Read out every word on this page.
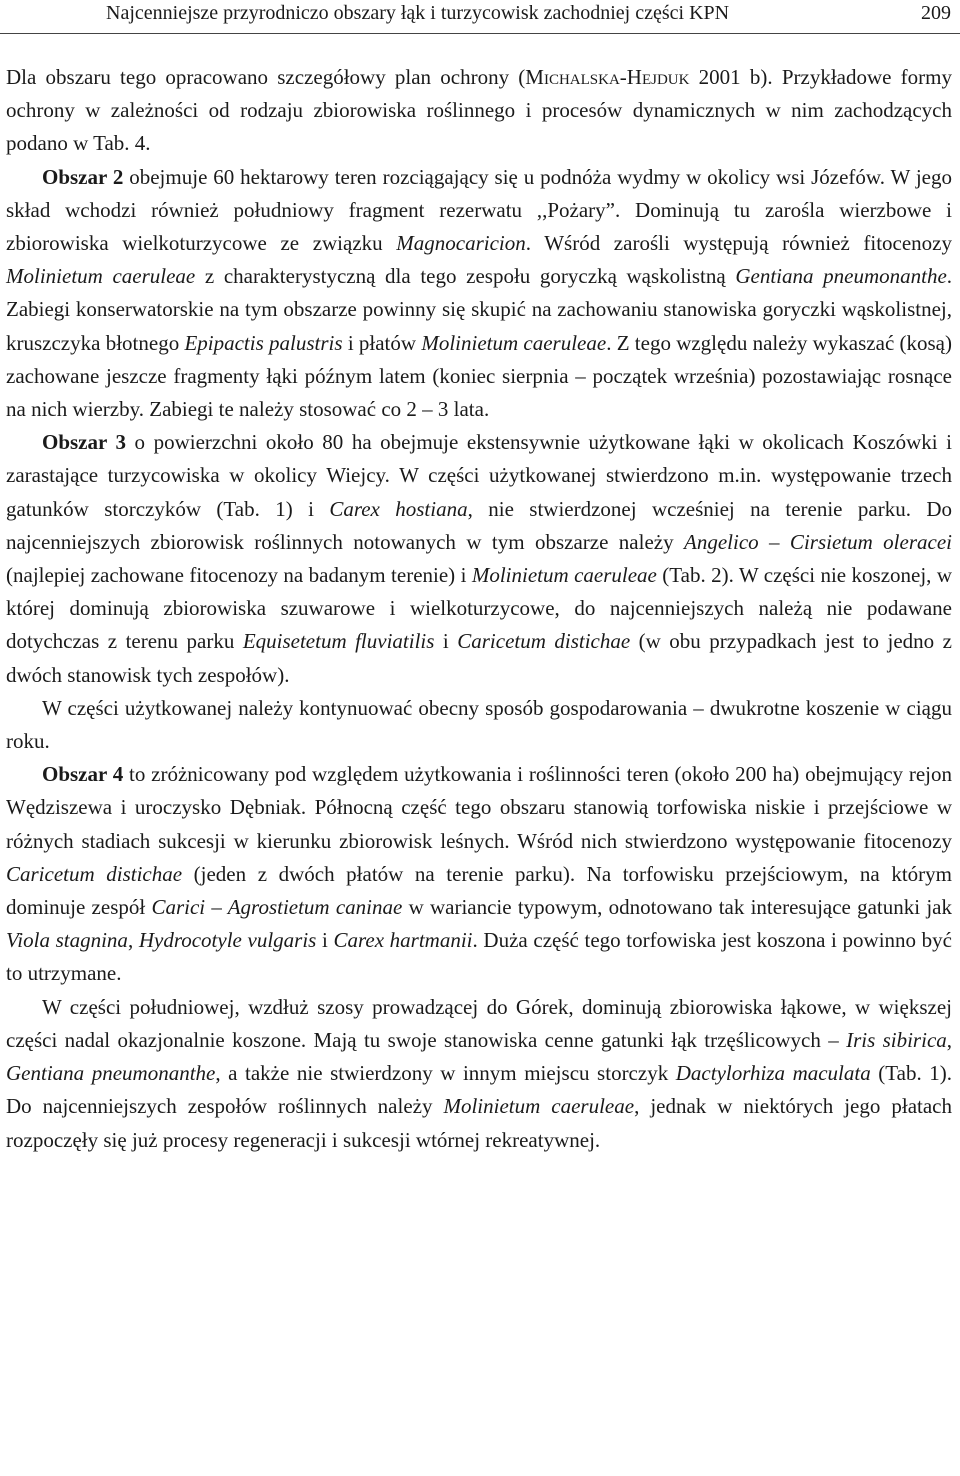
Najcenniejsze przyrodniczo obszary łąk i turzycowisk zachodniej części KPN	209

Dla obszaru tego opracowano szczegółowy plan ochrony (Michalska-Hejduk 2001 b). Przykładowe formy ochrony w zależności od rodzaju zbiorowiska roślinnego i procesów dynamicznych w nim zachodzących podano w Tab. 4.

Obszar 2 obejmuje 60 hektarowy teren rozciągający się u podnóża wydmy w okolicy wsi Józefów. W jego skład wchodzi również południowy fragment rezerwatu ,,Pożary”. Dominują tu zarośla wierzbowe i zbiorowiska wielkoturzycowe ze związku Magnocaricion. Wśród zarośli występują również fitocenozy Molinietum caeruleae z charakterystyczną dla tego zespołu goryczką wąskolistną Gentiana pneumonanthe. Zabiegi konserwatorskie na tym obszarze powinny się skupić na zachowaniu stanowiska goryczki wąskolistnej, kruszczyka błotnego Epipactis palustris i płatów Molinietum caeruleae. Z tego względu należy wykaszać (kosą) zachowane jeszcze fragmenty łąki późnym latem (koniec sierpnia – początek września) pozostawiając rosnące na nich wierzby. Zabiegi te należy stosować co 2 – 3 lata.

Obszar 3 o powierzchni około 80 ha obejmuje ekstensywnie użytkowane łąki w okolicach Koszówki i zarastające turzycowiska w okolicy Wiejcy. W części użytkowanej stwierdzono m.in. występowanie trzech gatunków storczyków (Tab. 1) i Carex hostiana, nie stwierdzonej wcześniej na terenie parku. Do najcenniejszych zbiorowisk roślinnych notowanych w tym obszarze należy Angelico – Cirsietum oleracei (najlepiej zachowane fitocenozy na badanym terenie) i Molinietum caeruleae (Tab. 2). W części nie koszonej, w której dominują zbiorowiska szuwarowe i wielkoturzycowe, do najcenniejszych należą nie podawane dotychczas z terenu parku Equisetetum fluviatilis i Caricetum distichae (w obu przypadkach jest to jedno z dwóch stanowisk tych zespołów).

W części użytkowanej należy kontynuować obecny sposób gospodarowania – dwukrotne koszenie w ciągu roku.

Obszar 4 to zróżnicowany pod względem użytkowania i roślinności teren (około 200 ha) obejmujący rejon Wędziszewa i uroczysko Dębniak. Północną część tego obszaru stanowią torfowiska niskie i przejściowe w różnych stadiach sukcesji w kierunku zbiorowisk leśnych. Wśród nich stwierdzono występowanie fitocenozy Caricetum distichae (jeden z dwóch płatów na terenie parku). Na torfowisku przejściowym, na którym dominuje zespół Carici – Agrostietum caninae w wariancie typowym, odnotowano tak interesujące gatunki jak Viola stagnina, Hydrocotyle vulgaris i Carex hartmanii. Duża część tego torfowiska jest koszona i powinno być to utrzymane.

W części południowej, wzdłuż szosy prowadzącej do Górek, dominują zbiorowiska łąkowe, w większej części nadal okazjonalnie koszone. Mają tu swoje stanowiska cenne gatunki łąk trzęślicowych – Iris sibirica, Gentiana pneumonanthe, a także nie stwierdzony w innym miejscu storczyk Dactylorhiza maculata (Tab. 1). Do najcenniejszych zespołów roślinnych należy Molinietum caeruleae, jednak w niektórych jego płatach rozpoczęły się już procesy regeneracji i sukcesji wtórnej rekreatywnej.
